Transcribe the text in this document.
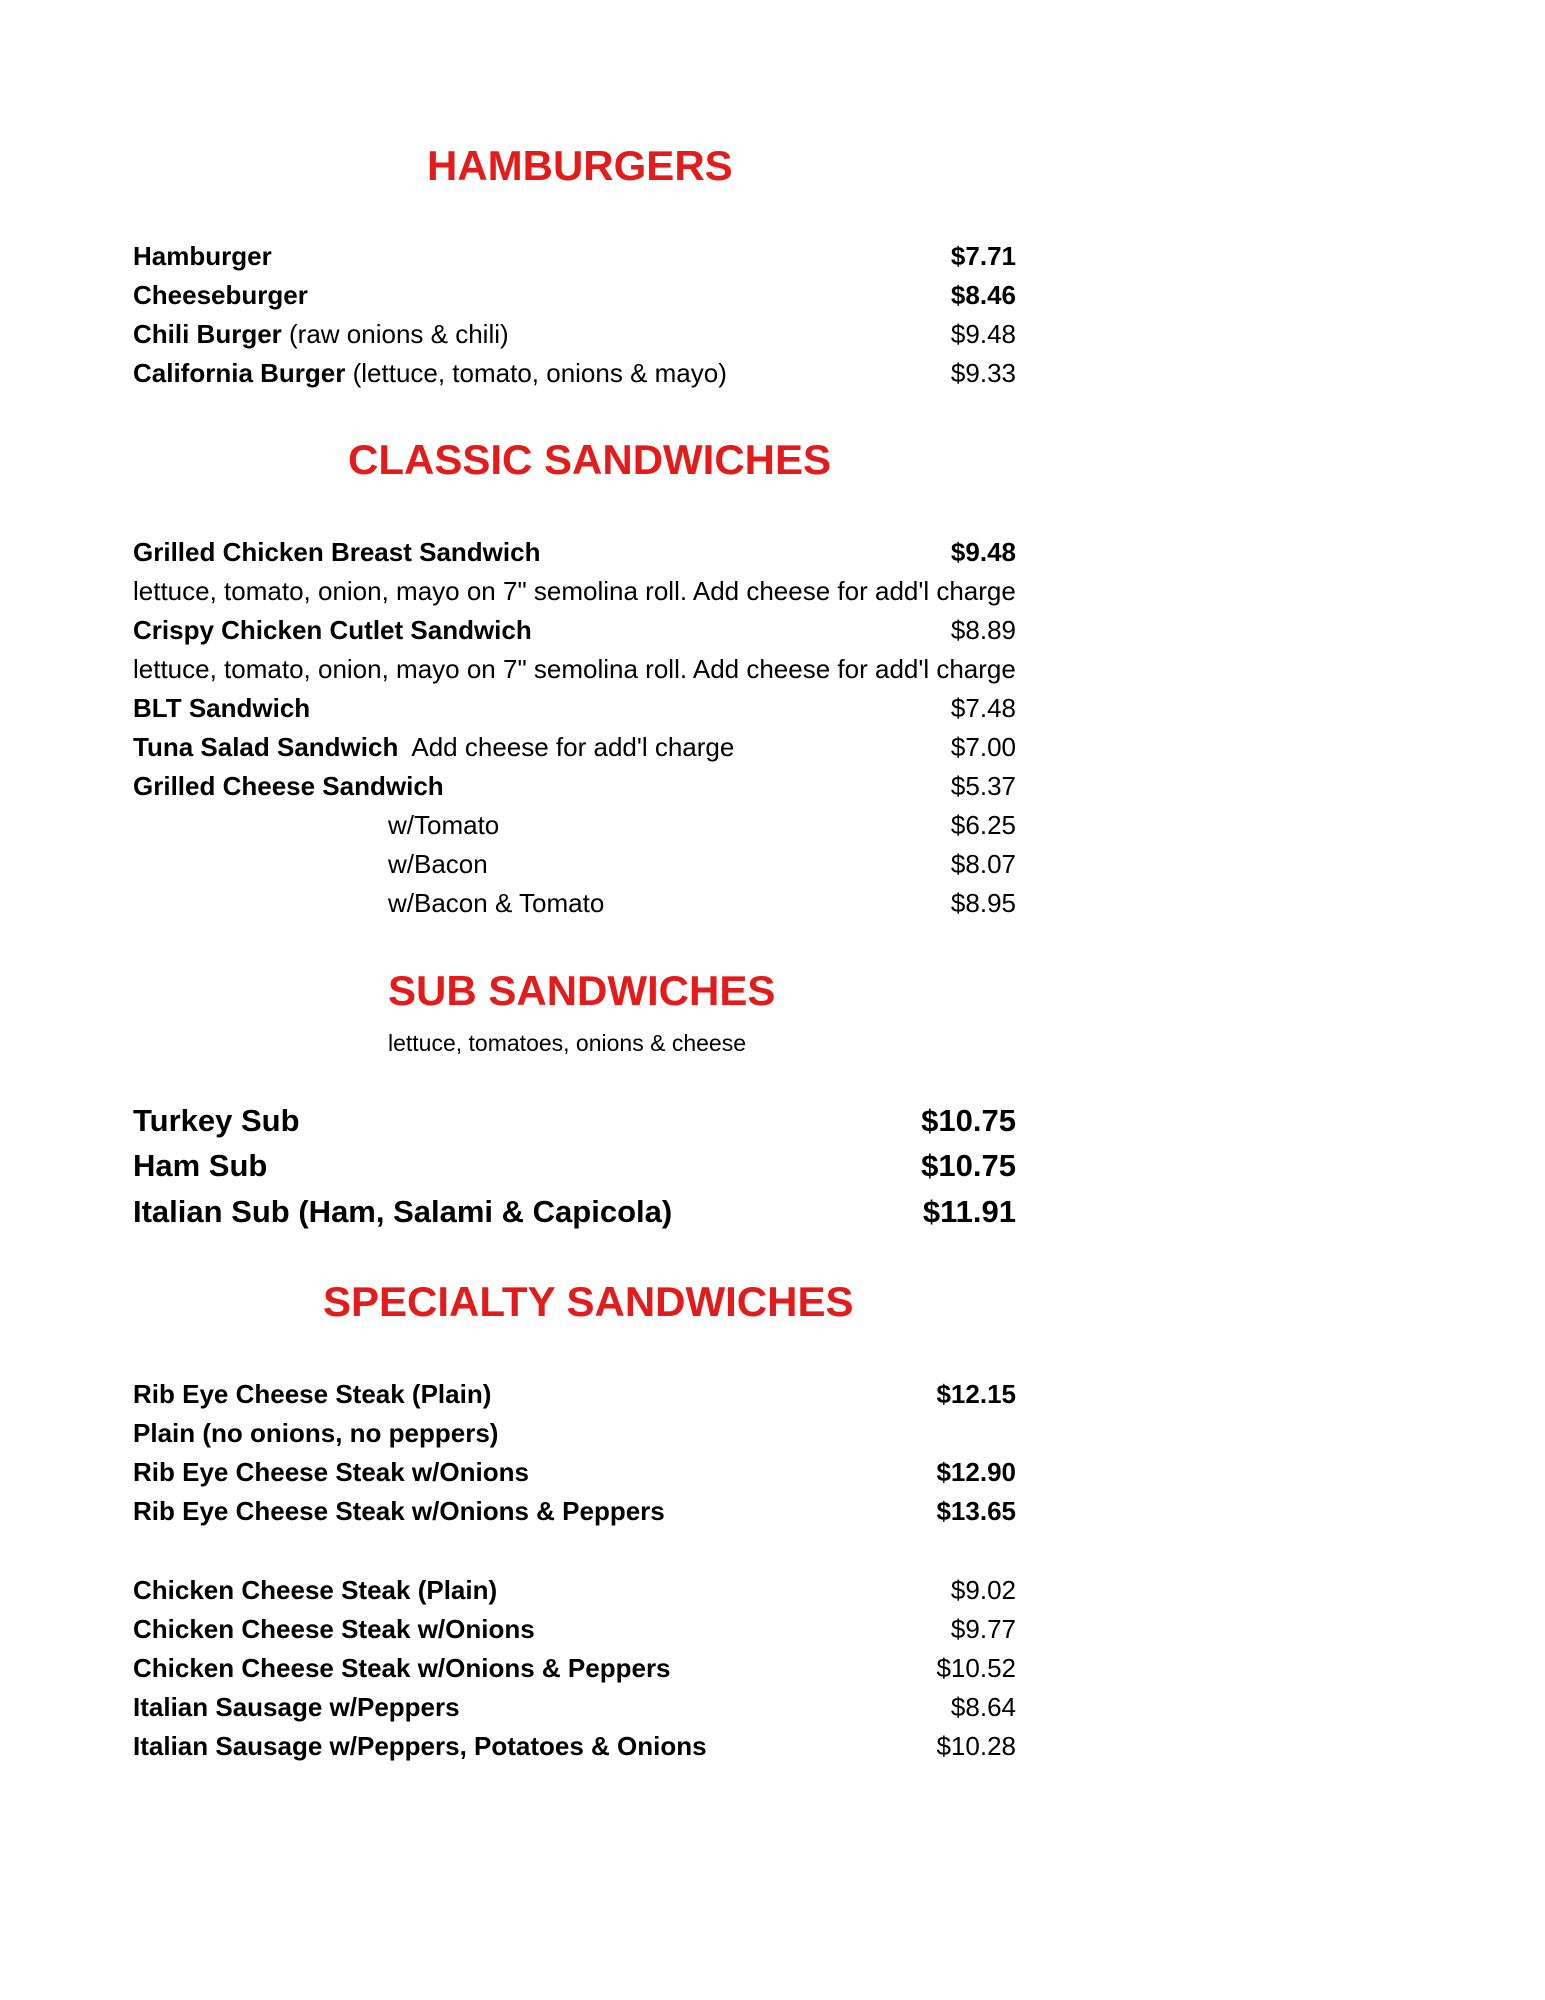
HAMBURGERS
Hamburger	$7.71
Cheeseburger	$8.46
Chili Burger (raw onions & chili)	$9.48
California Burger (lettuce, tomato, onions & mayo)	$9.33
CLASSIC SANDWICHES
Grilled Chicken Breast Sandwich	$9.48
lettuce, tomato, onion, mayo on 7" semolina roll. Add cheese for add'l charge
Crispy Chicken Cutlet Sandwich	$8.89
lettuce, tomato, onion, mayo on 7" semolina roll. Add cheese for add'l charge
BLT Sandwich	$7.48
Tuna Salad Sandwich  Add cheese for add'l charge	$7.00
Grilled Cheese Sandwich	$5.37
w/Tomato	$6.25
w/Bacon	$8.07
w/Bacon & Tomato	$8.95
SUB SANDWICHES
lettuce, tomatoes, onions & cheese
Turkey Sub	$10.75
Ham Sub	$10.75
Italian Sub (Ham, Salami & Capicola)	$11.91
SPECIALTY SANDWICHES
Rib Eye Cheese Steak (Plain)	$12.15
Plain (no onions, no peppers)
Rib Eye Cheese Steak w/Onions	$12.90
Rib Eye Cheese Steak w/Onions & Peppers	$13.65
Chicken Cheese Steak (Plain)	$9.02
Chicken Cheese Steak w/Onions	$9.77
Chicken Cheese Steak w/Onions & Peppers	$10.52
Italian Sausage w/Peppers	$8.64
Italian Sausage w/Peppers, Potatoes & Onions	$10.28
